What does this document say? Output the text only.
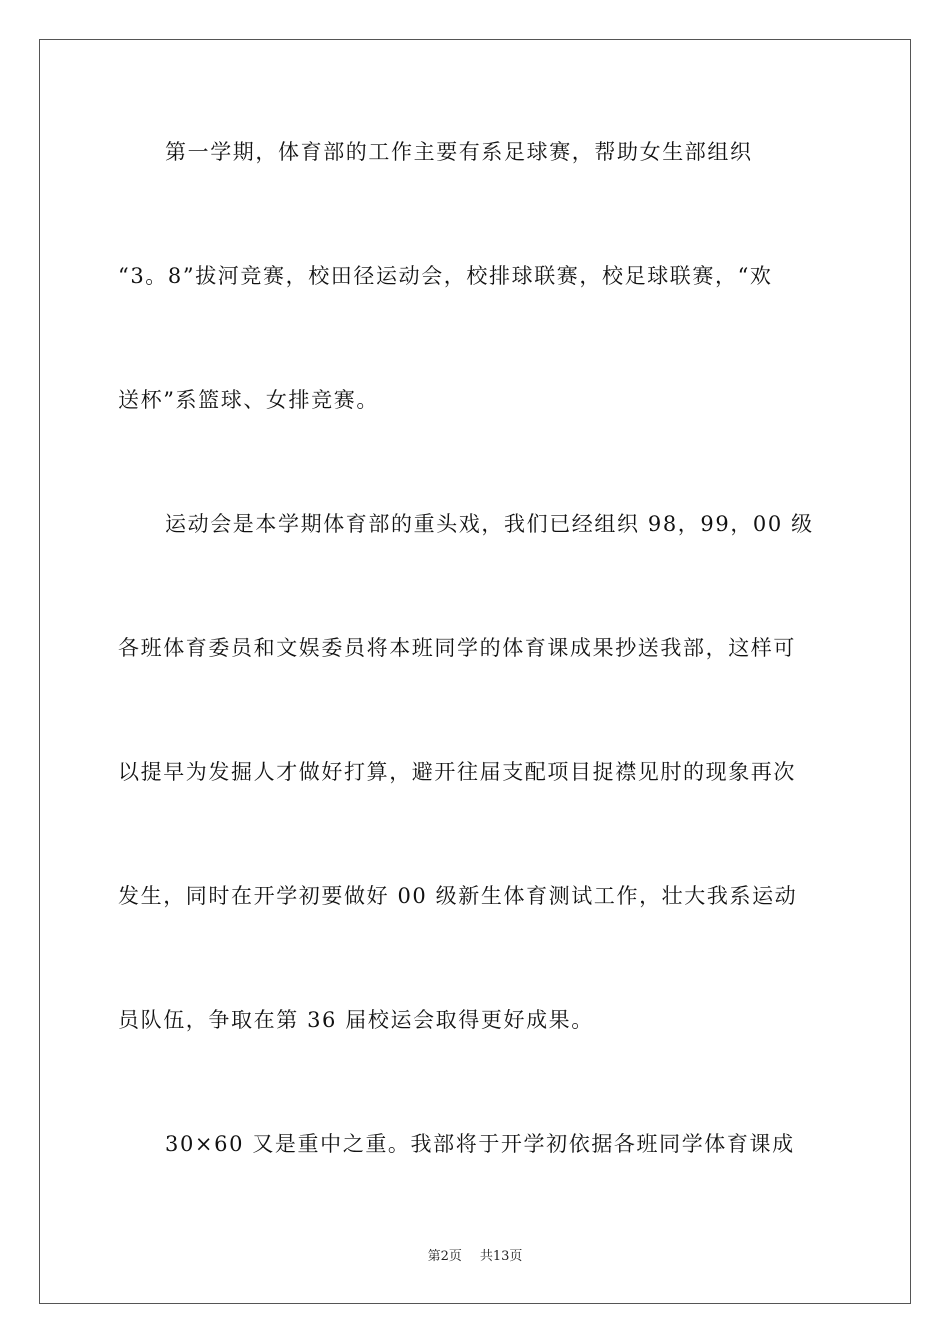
第一学期，体育部的工作主要有系足球赛，帮助女生部组织
“3。8”拔河竞赛，校田径运动会，校排球联赛，校足球联赛，“欢
送杯”系篮球、女排竞赛。
运动会是本学期体育部的重头戏，我们已经组织 98，99，00 级
各班体育委员和文娱委员将本班同学的体育课成果抄送我部，这样可
以提早为发掘人才做好打算，避开往届支配项目捉襟见肘的现象再次
发生，同时在开学初要做好 00 级新生体育测试工作，壮大我系运动
员队伍，争取在第 36 届校运会取得更好成果。
30×60 又是重中之重。我部将于开学初依据各班同学体育课成
第2页 共13页
